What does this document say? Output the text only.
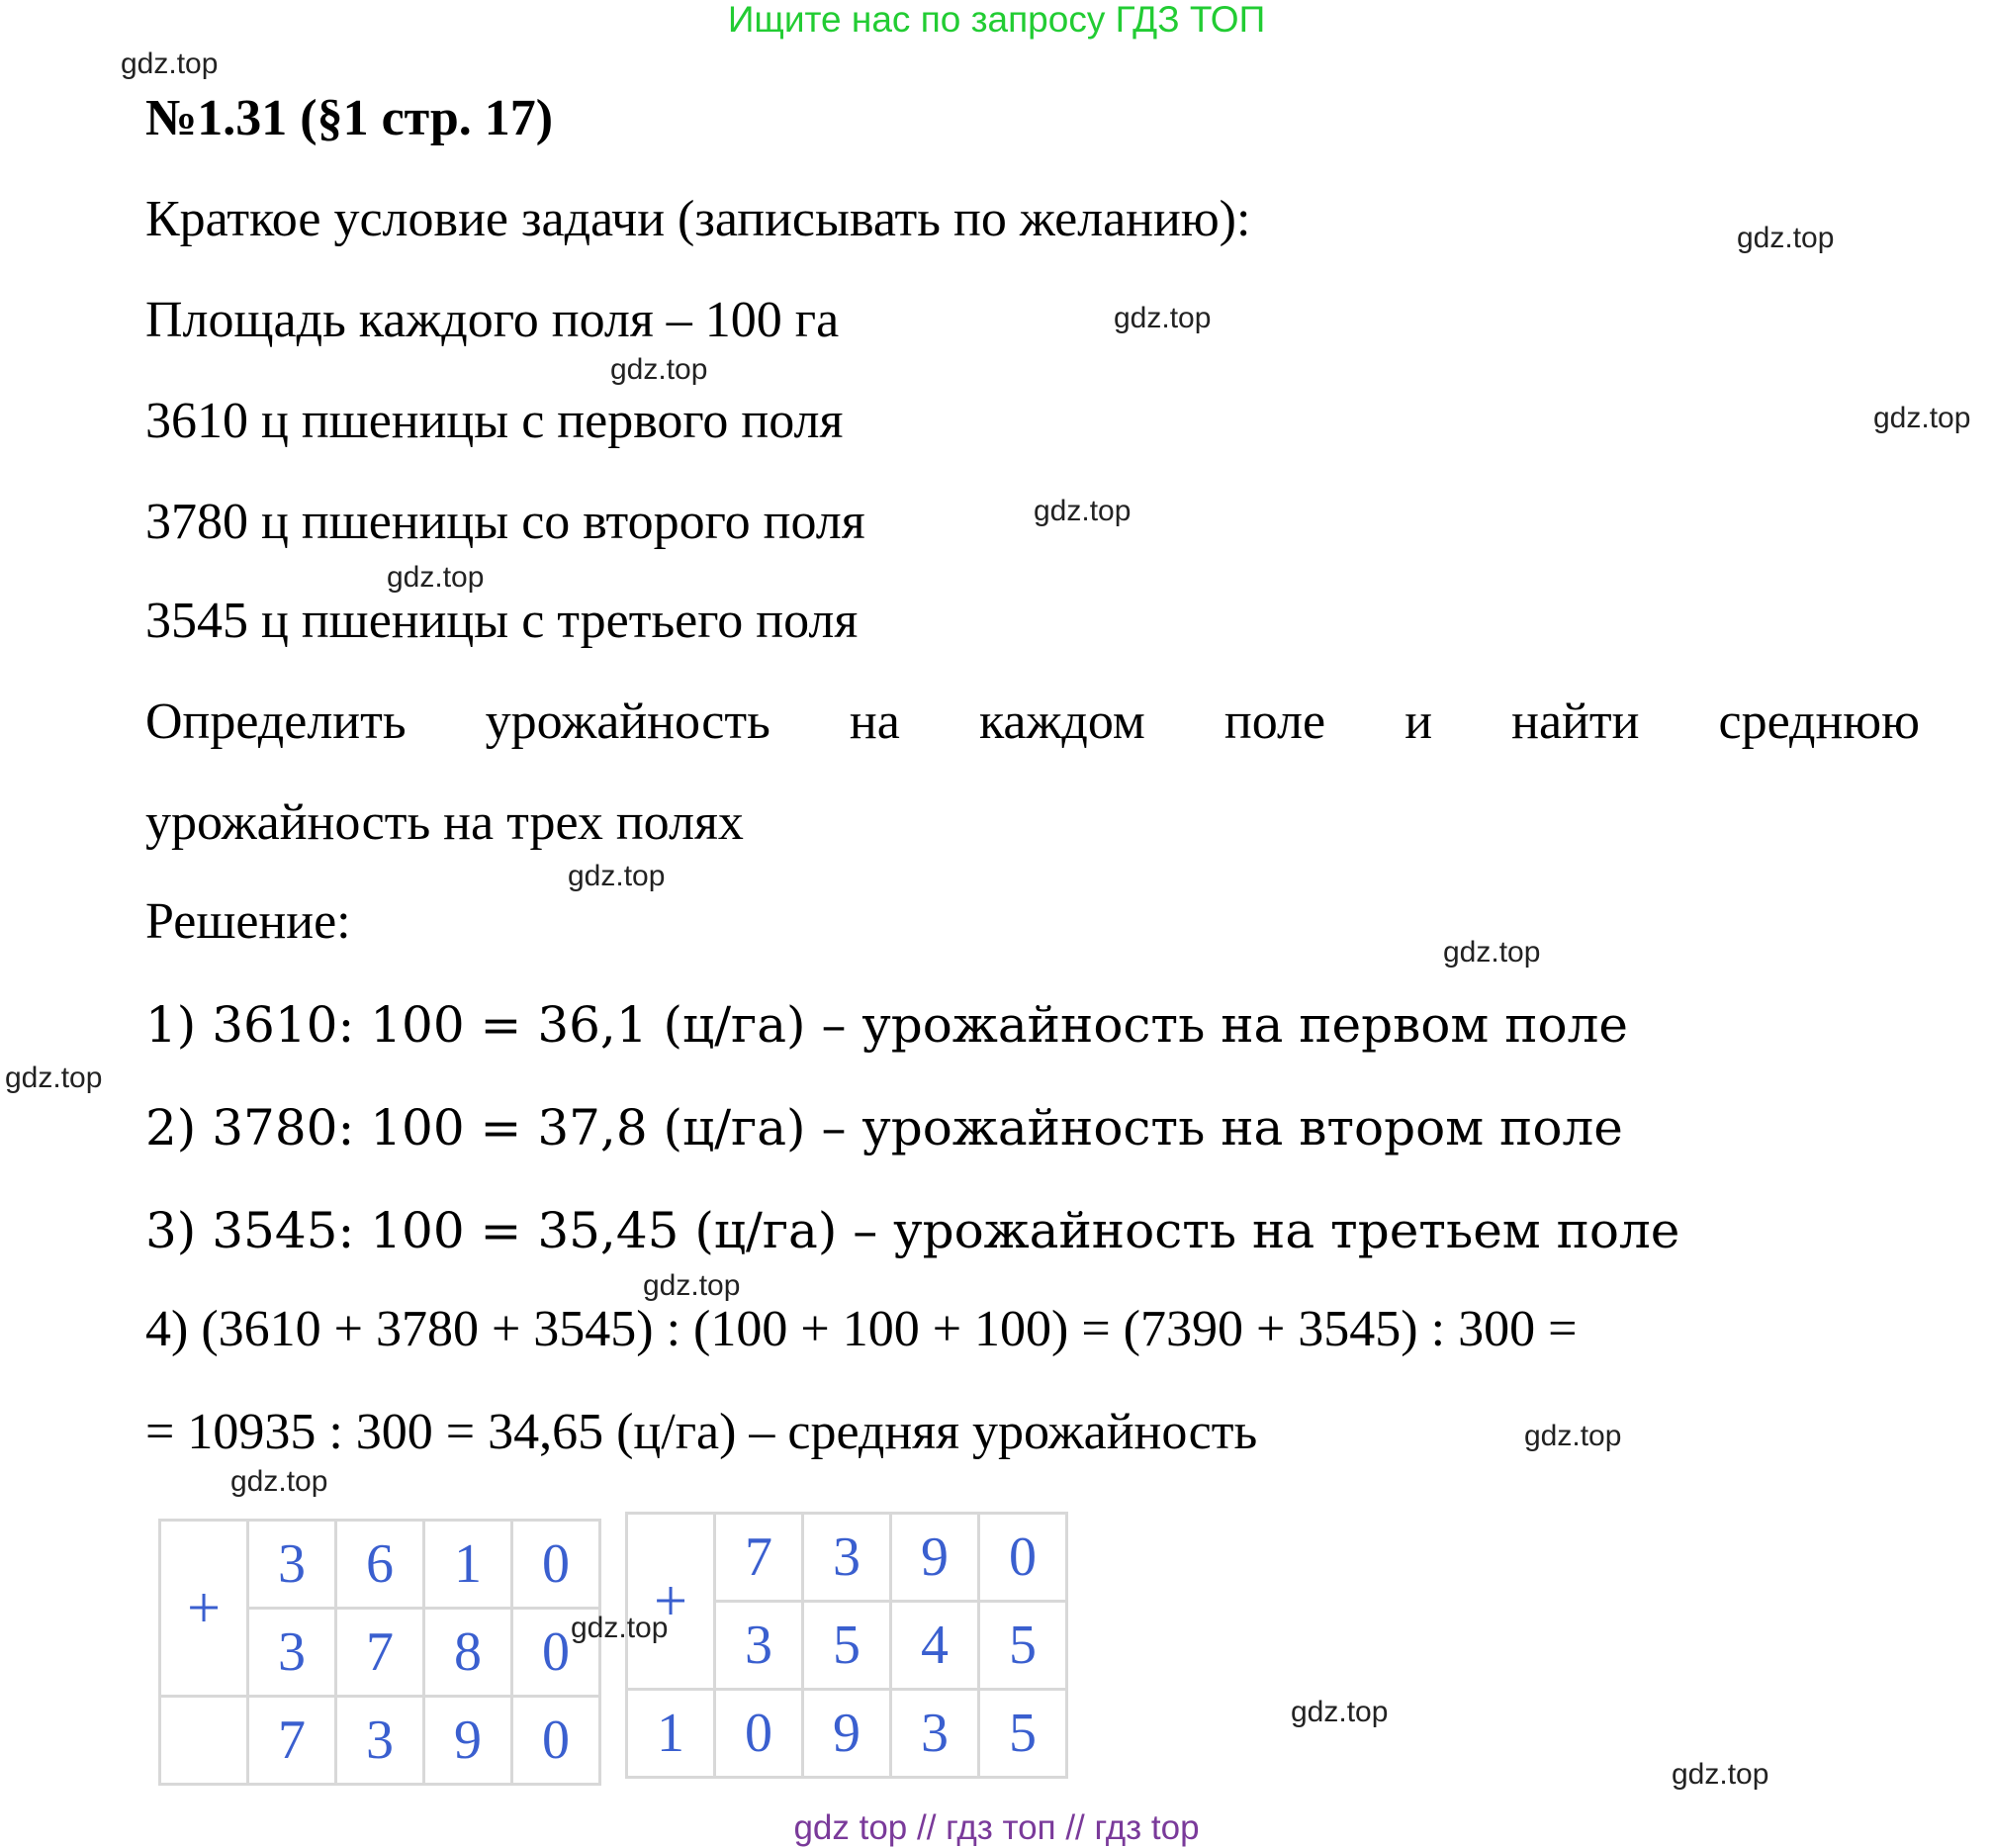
Ищите нас по запросу ГДЗ ТОП
№1.31 (§1 стр. 17)
Краткое условие задачи (записывать по желанию):
Площадь каждого поля – 100 га
3610 ц пшеницы с первого поля
3780 ц пшеницы со второго поля
3545 ц пшеницы с третьего поля
Определить урожайность на каждом поле и найти среднюю
урожайность на трех полях
Решение:
1) 3610: 100 = 36,1 (ц/га) – урожайность на первом поле
2) 3780: 100 = 37,8 (ц/га) – урожайность на втором поле
3) 3545: 100 = 35,45 (ц/га) – урожайность на третьем поле
4) (3610 + 3780 + 3545) : (100 + 100 + 100) = (7390 + 3545) : 300 =
= 10935 : 300 = 34,65 (ц/га) – средняя урожайность
+	3	6	1	0
	3	7	8	0
	7	3	9	0
+	7	3	9	0
	3	5	4	5
1	0	9	3	5
gdz.top
gdz.top
gdz.top
gdz.top
gdz.top
gdz.top
gdz.top
gdz.top
gdz.top
gdz.top
gdz.top
gdz.top
gdz.top
gdz.top
gdz.top
gdz.top
gdz top // гдз топ // гдз top
